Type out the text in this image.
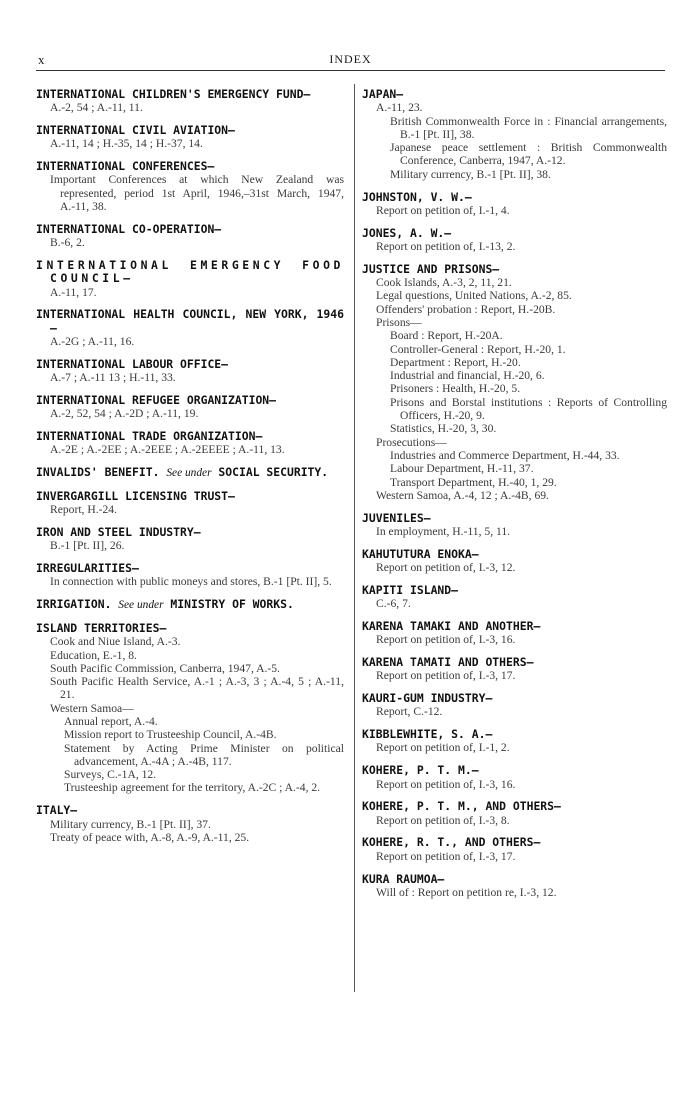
x	INDEX
INTERNATIONAL CHILDREN'S EMERGENCY FUND—
A.-2, 54 ; A.-11, 11.
INTERNATIONAL CIVIL AVIATION—
A.-11, 14 ; H.-35, 14 ; H.-37, 14.
INTERNATIONAL CONFERENCES—
Important Conferences at which New Zealand was represented, period 1st April, 1946,–31st March, 1947, A.-11, 38.
INTERNATIONAL CO-OPERATION—
B.-6, 2.
INTERNATIONAL EMERGENCY FOOD COUNCIL—
A.-11, 17.
INTERNATIONAL HEALTH COUNCIL, NEW YORK, 1946—
A.-2G ; A.-11, 16.
INTERNATIONAL LABOUR OFFICE—
A.-7 ; A.-11 13 ; H.-11, 33.
INTERNATIONAL REFUGEE ORGANIZATION—
A.-2, 52, 54 ; A.-2D ; A.-11, 19.
INTERNATIONAL TRADE ORGANIZATION—
A.-2E ; A.-2EE ; A.-2EEE ; A.-2EEEE ; A.-11, 13.
INVALIDS' BENEFIT. See under SOCIAL SECURITY.
INVERGARGILL LICENSING TRUST—
Report, H.-24.
IRON AND STEEL INDUSTRY—
B.-1 [Pt. II], 26.
IRREGULARITIES—
In connection with public moneys and stores, B.-1 [Pt. II], 5.
IRRIGATION. See under MINISTRY OF WORKS.
ISLAND TERRITORIES—
Cook and Niue Island, A.-3.
Education, E.-1, 8.
South Pacific Commission, Canberra, 1947, A.-5.
South Pacific Health Service, A.-1 ; A.-3, 3 ; A.-4, 5 ; A.-11, 21.
Western Samoa—
Annual report, A.-4.
Mission report to Trusteeship Council, A.-4B.
Statement by Acting Prime Minister on political advancement, A.-4A ; A.-4B, 117.
Surveys, C.-1A, 12.
Trusteeship agreement for the territory, A.-2C ; A.-4, 2.
ITALY—
Military currency, B.-1 [Pt. II], 37.
Treaty of peace with, A.-8, A.-9, A.-11, 25.
JAPAN—
A.-11, 23.
British Commonwealth Force in : Financial arrangements, B.-1 [Pt. II], 38.
Japanese peace settlement : British Commonwealth Conference, Canberra, 1947, A.-12.
Military currency, B.-1 [Pt. II], 38.
JOHNSTON, V. W.—
Report on petition of, I.-1, 4.
JONES, A. W.—
Report on petition of, I.-13, 2.
JUSTICE AND PRISONS—
Cook Islands, A.-3, 2, 11, 21.
Legal questions, United Nations, A.-2, 85.
Offenders' probation : Report, H.-20B.
Prisons—
Board : Report, H.-20A.
Controller-General : Report, H.-20, 1.
Department : Report, H.-20.
Industrial and financial, H.-20, 6.
Prisoners : Health, H.-20, 5.
Prisons and Borstal institutions : Reports of Controlling Officers, H.-20, 9.
Statistics, H.-20, 3, 30.
Prosecutions—
Industries and Commerce Department, H.-44, 33.
Labour Department, H.-11, 37.
Transport Department, H.-40, 1, 29.
Western Samoa, A.-4, 12 ; A.-4B, 69.
JUVENILES—
In employment, H.-11, 5, 11.
KAHUTUTURA ENOKA—
Report on petition of, I.-3, 12.
KAPITI ISLAND—
C.-6, 7.
KARENA TAMAKI AND ANOTHER—
Report on petition of, I.-3, 16.
KARENA TAMATI AND OTHERS—
Report on petition of, I.-3, 17.
KAURI-GUM INDUSTRY—
Report, C.-12.
KIBBLEWHITE, S. A.—
Report on petition of, I.-1, 2.
KOHERE, P. T. M.—
Report on petition of, I.-3, 16.
KOHERE, P. T. M., AND OTHERS—
Report on petition of, I.-3, 8.
KOHERE, R. T., AND OTHERS—
Report on petition of, I.-3, 17.
KURA RAUMOA—
Will of : Report on petition re, I.-3, 12.
